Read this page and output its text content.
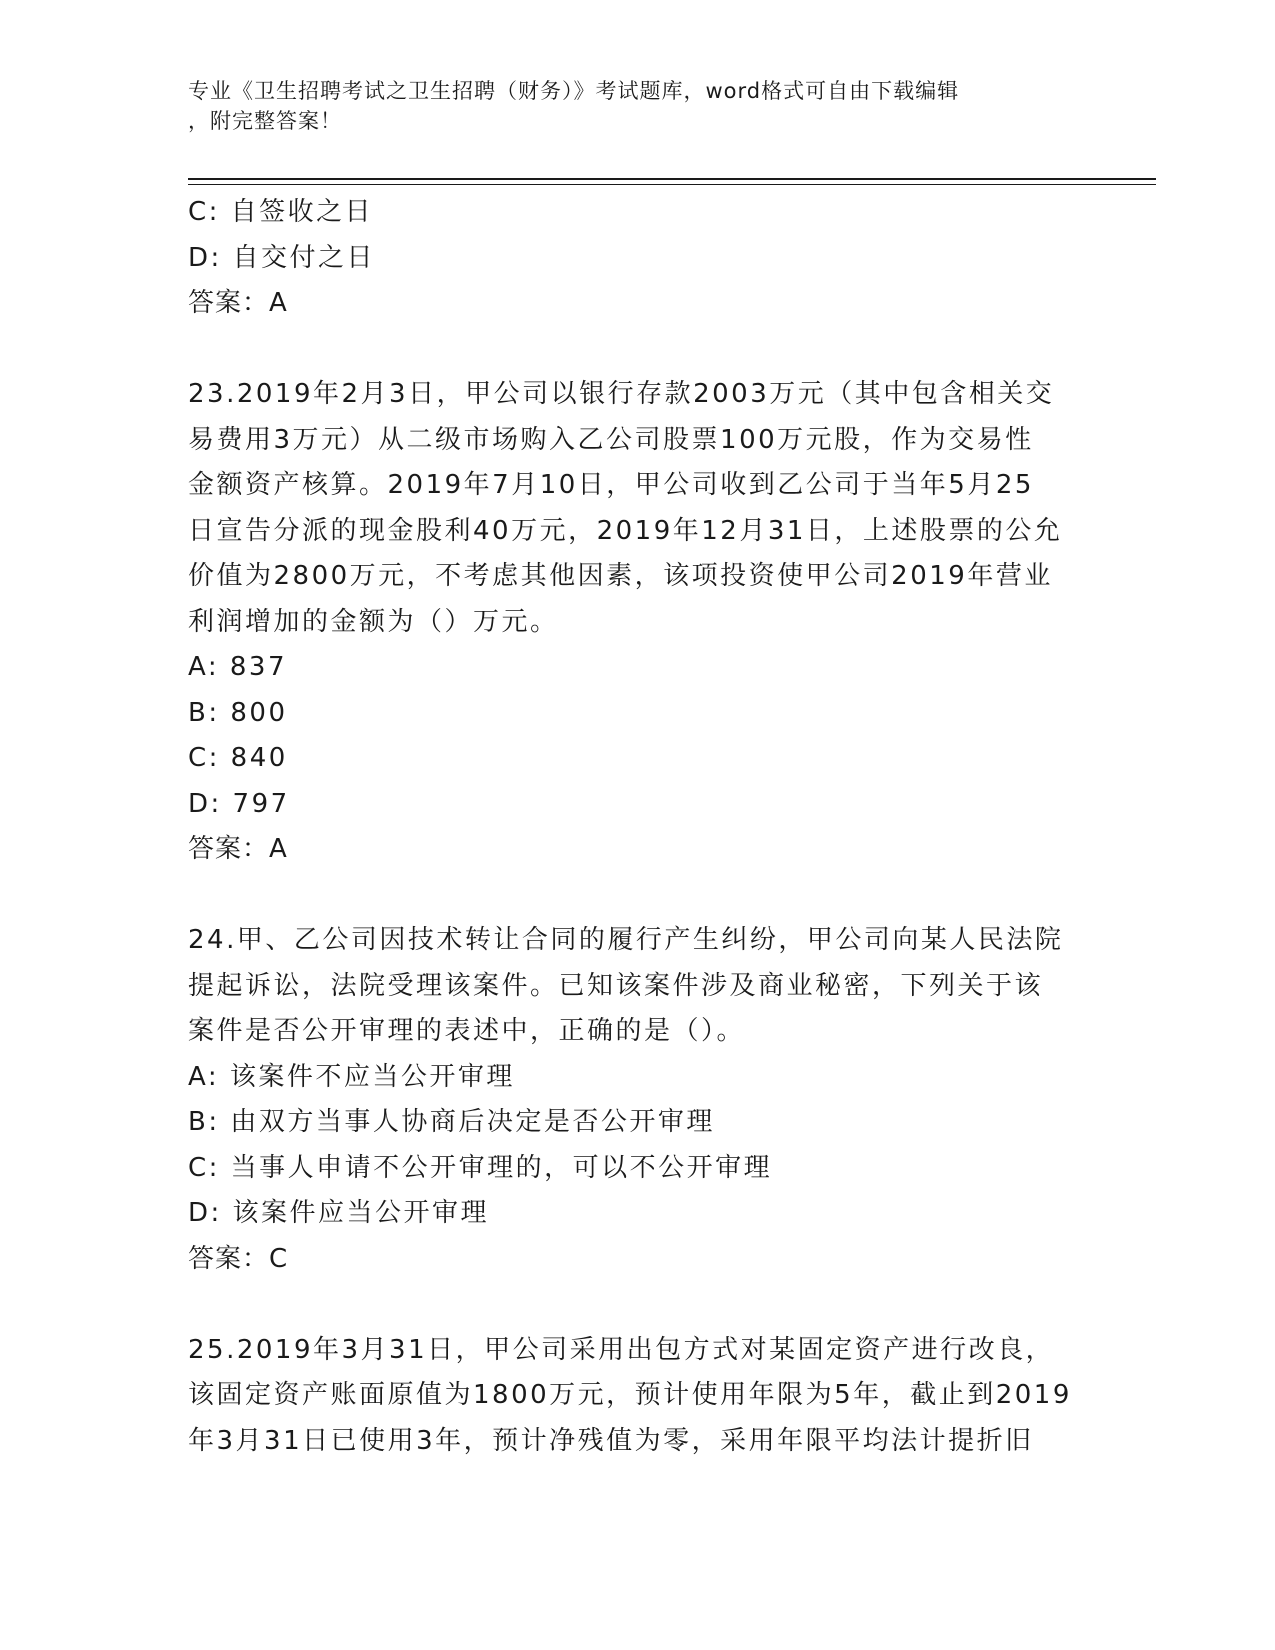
专业《卫生招聘考试之卫生招聘（财务）》考试题库，word格式可自由下载编辑
，附完整答案！
C: 自签收之日
D: 自交付之日
答案：A
23.2019年2月3日，甲公司以银行存款2003万元（其中包含相关交
易费用3万元）从二级市场购入乙公司股票100万元股，作为交易性
金额资产核算。2019年7月10日，甲公司收到乙公司于当年5月25
日宣告分派的现金股利40万元，2019年12月31日，上述股票的公允
价值为2800万元，不考虑其他因素，该项投资使甲公司2019年营业
利润增加的金额为（）万元。
A: 837
B: 800
C: 840
D: 797
答案：A
24.甲、乙公司因技术转让合同的履行产生纠纷，甲公司向某人民法院
提起诉讼，法院受理该案件。已知该案件涉及商业秘密，下列关于该
案件是否公开审理的表述中，正确的是（）。
A: 该案件不应当公开审理
B: 由双方当事人协商后决定是否公开审理
C: 当事人申请不公开审理的，可以不公开审理
D: 该案件应当公开审理
答案：C
25.2019年3月31日，甲公司采用出包方式对某固定资产进行改良，
该固定资产账面原值为1800万元，预计使用年限为5年，截止到2019
年3月31日已使用3年，预计净残值为零，采用年限平均法计提折旧
